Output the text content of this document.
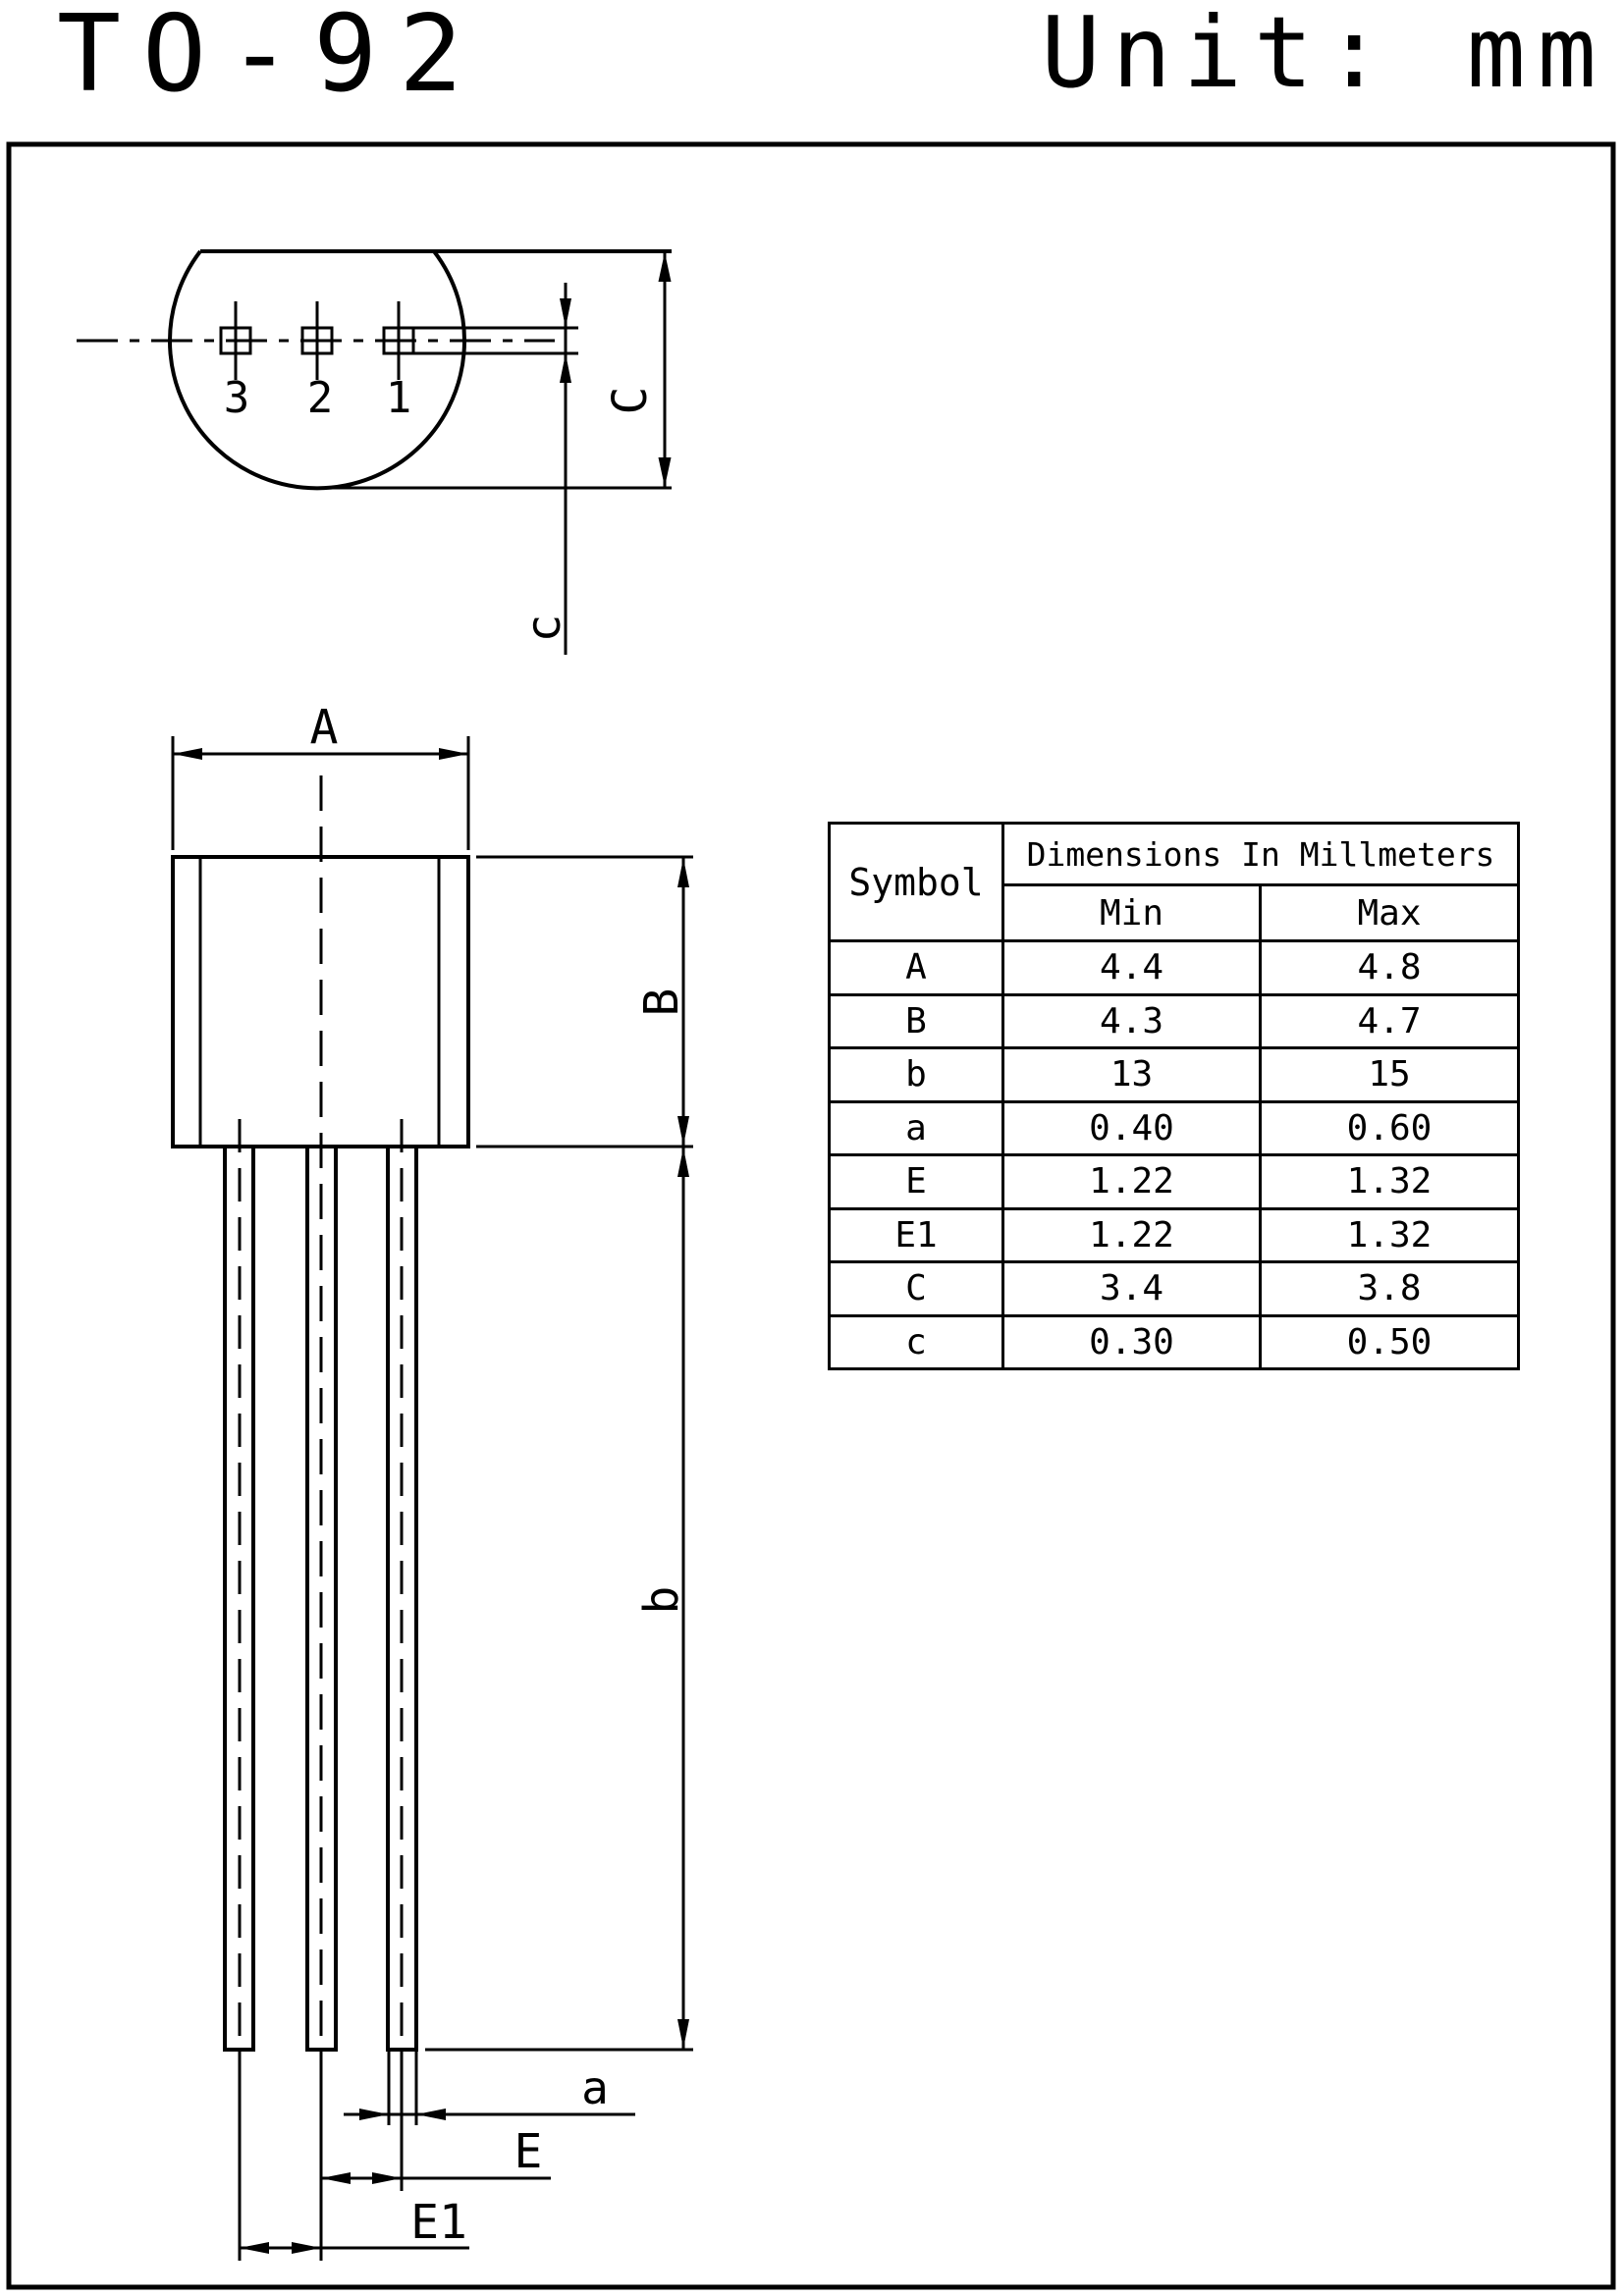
TO-92	Unit: mm
3 2 1
c
C
A
B
b
a
E
E1
Symbol	Dimensions In Millmeters	
	Min	Max
A	4.4	4.8
B	4.3	4.7
b	13	15
a	0.40	0.60
E	1.22	1.32
E1	1.22	1.32
C	3.4	3.8
c	0.30	0.50
